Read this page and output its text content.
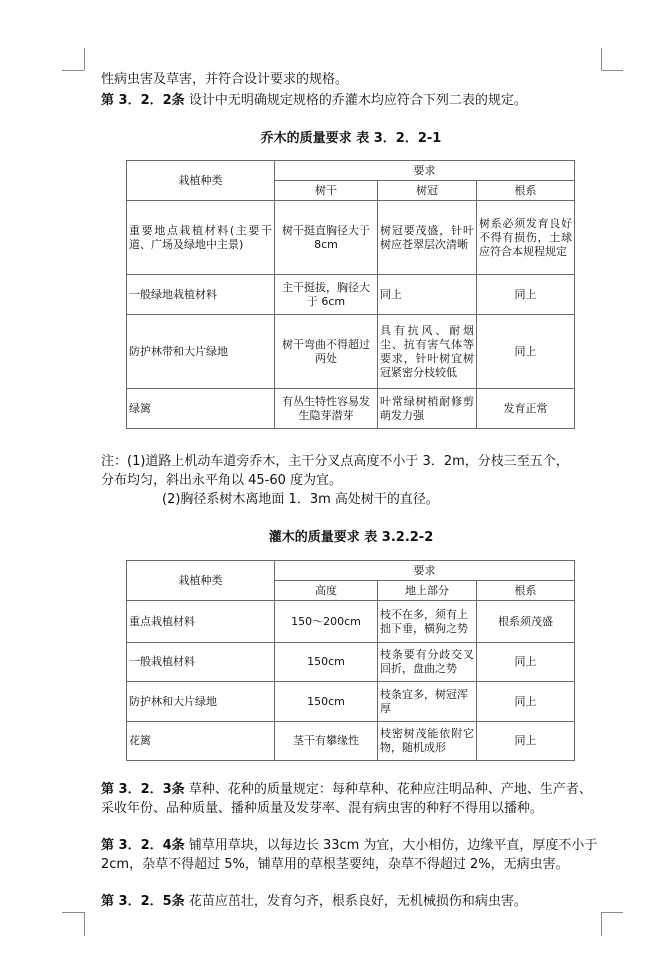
性病虫害及草害，并符合设计要求的规格。
第 3．2．2条 设计中无明确规定规格的乔灌木均应符合下列二表的规定。
乔木的质量要求 表 3．2．2-1
栽植种类	要求		
	树干	树冠	根系
重要地点栽植材料(主要干道、广场及绿地中主景)	树干挺直胸径大于8cm	树冠要茂盛，针叶树应苍翠层次清晰	树系必须发育良好不得有损伤，土球应符合本规程规定
一般绿地栽植材料	主干挺拔，胸径大于 6cm	同上	同上
防护林带和大片绿地	树干弯曲不得超过两处	具有抗风、耐烟尘、抗有害气体等要求，针叶树宜树冠紧密分枝较低	同上
绿篱	有丛生特性容易发生隐芽潜芽	叶常绿树梢耐修剪萌发力强	发育正常
注：(1)道路上机动车道旁乔木，主干分叉点高度不小于 3．2m，分枝三至五个，
分布均匀，斜出永平角以 45-60 度为宜。
(2)胸径系树木离地面 1．3m 高处树干的直径。
灌木的质量要求 表 3.2.2-2
栽植种类	要求		
	高度	地上部分	根系
重点栽植材料	150～200cm	枝不在多，须有上拙下垂，横狗之势	根系须茂盛
一般栽植材料	150cm	枝条要有分歧交叉回折，盘曲之势	同上
防护林和大片绿地	150cm	枝条宜多，树冠浑厚	同上
花篱	茎干有攀缘性	枝密树茂能依附它物，随机成形	同上
第 3．2．3条 草种、花种的质量规定：每种草种、花种应注明品种、产地、生产者、采收年份、品种质量、播种质量及发芽率、混有病虫害的种籽不得用以播种。
第 3．2．4条 铺草用草块，以每边长 33cm 为宜，大小相仿，边缘平直，厚度不小于 2cm，杂草不得超过 5%，铺草用的草根茎要纯，杂草不得超过 2%，无病虫害。
第 3．2．5条 花苗应茁壮，发育匀齐，根系良好，无机械损伤和病虫害。
